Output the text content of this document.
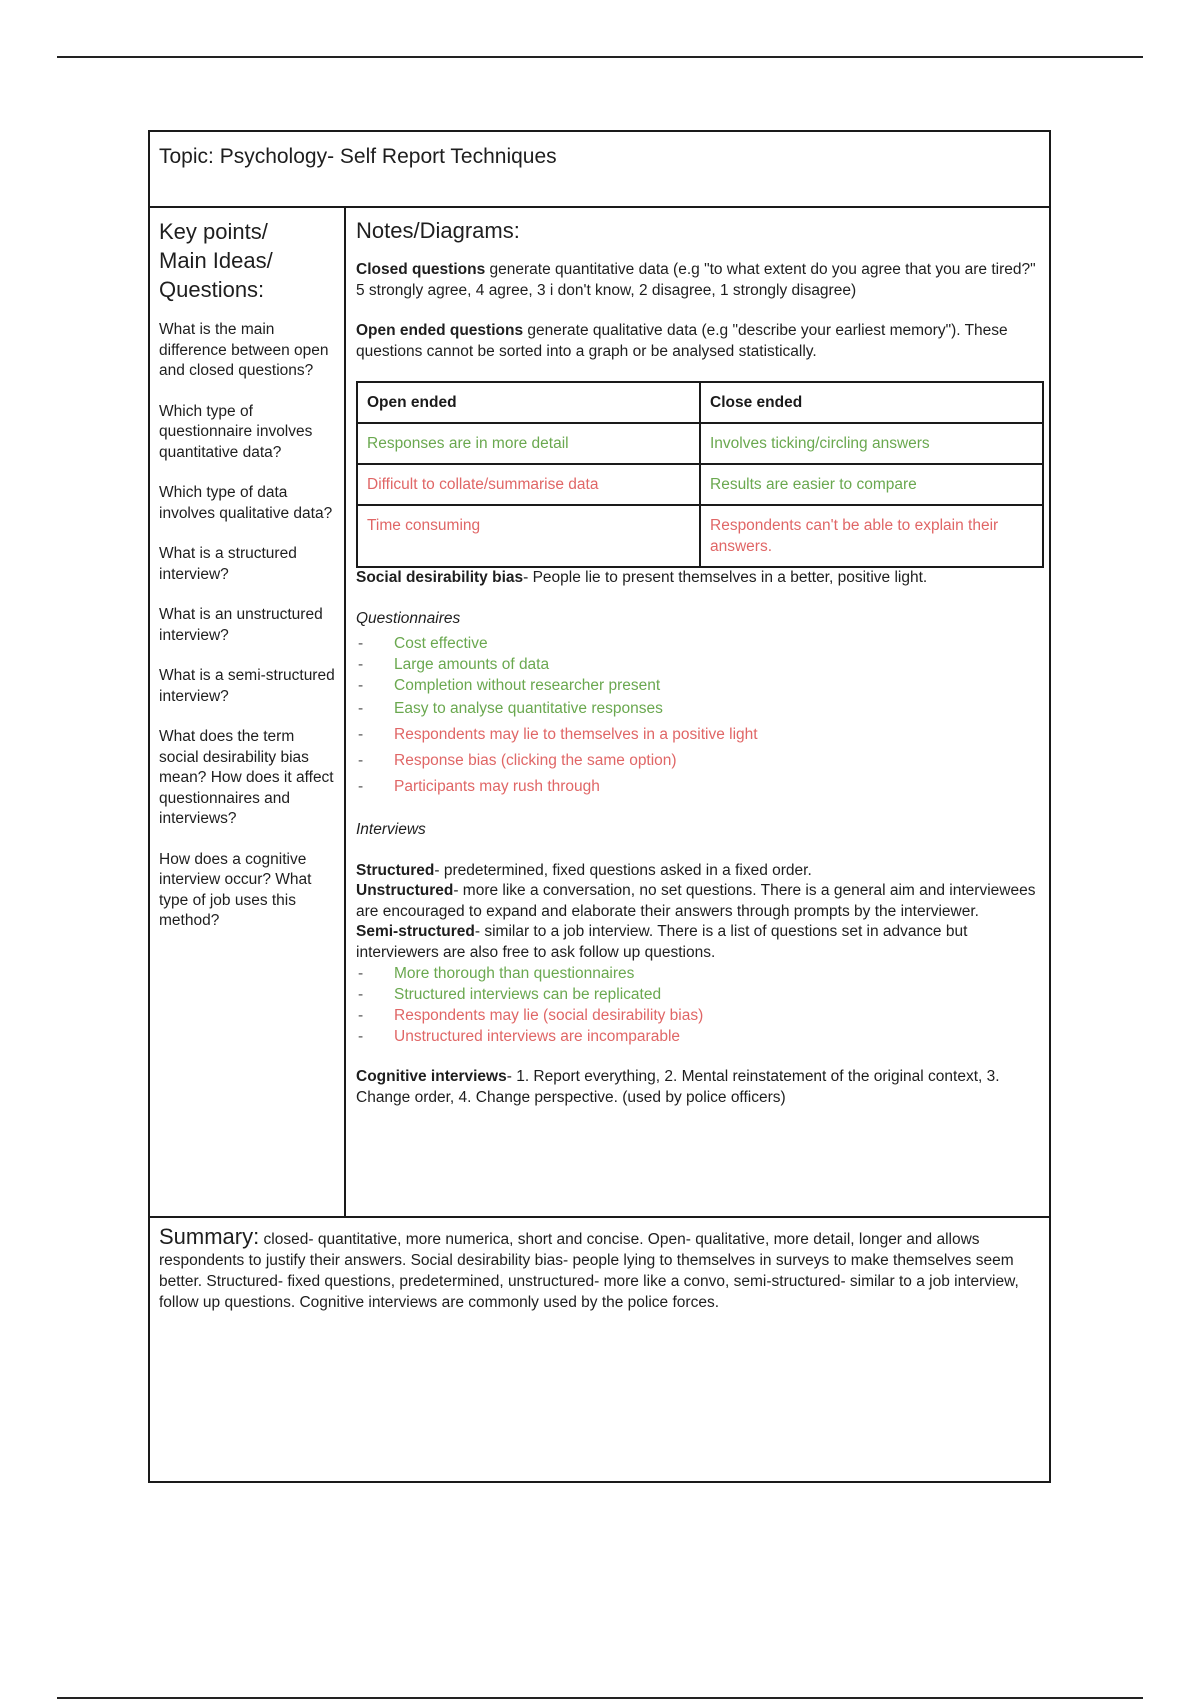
Topic: Psychology- Self Report Techniques
Key points/
Main Ideas/
Questions:
What is the main difference between open and closed questions?
Which type of questionnaire involves quantitative data?
Which type of data involves qualitative data?
What is a structured interview?
What is an unstructured interview?
What is a semi-structured interview?
What does the term social desirability bias mean? How does it affect questionnaires and interviews?
How does a cognitive interview occur? What type of job uses this method?
Notes/Diagrams:
Closed questions generate quantitative data (e.g "to what extent do you agree that you are tired?" 5 strongly agree, 4 agree, 3 i don't know, 2 disagree, 1 strongly disagree)
Open ended questions generate qualitative data (e.g "describe your earliest memory"). These questions cannot be sorted into a graph or be analysed statistically.
Open ended	Close ended
Responses are in more detail	Involves ticking/circling answers
Difficult to collate/summarise data	Results are easier to compare
Time consuming	Respondents can't be able to explain their answers.
Social desirability bias- People lie to present themselves in a better, positive light.
Questionnaires
- Cost effective
- Large amounts of data
- Completion without researcher present
- Easy to analyse quantitative responses
- Respondents may lie to themselves in a positive light
- Response bias (clicking the same option)
- Participants may rush through
Interviews
Structured- predetermined, fixed questions asked in a fixed order.
Unstructured- more like a conversation, no set questions. There is a general aim and interviewees are encouraged to expand and elaborate their answers through prompts by the interviewer.
Semi-structured- similar to a job interview. There is a list of questions set in advance but interviewers are also free to ask follow up questions.
- More thorough than questionnaires
- Structured interviews can be replicated
- Respondents may lie (social desirability bias)
- Unstructured interviews are incomparable
Cognitive interviews- 1. Report everything, 2. Mental reinstatement of the original context, 3. Change order, 4. Change perspective. (used by police officers)
Summary: closed- quantitative, more numerica, short and concise. Open- qualitative, more detail, longer and allows respondents to justify their answers. Social desirability bias- people lying to themselves in surveys to make themselves seem better. Structured- fixed questions, predetermined, unstructured- more like a convo, semi-structured- similar to a job interview, follow up questions. Cognitive interviews are commonly used by the police forces.
